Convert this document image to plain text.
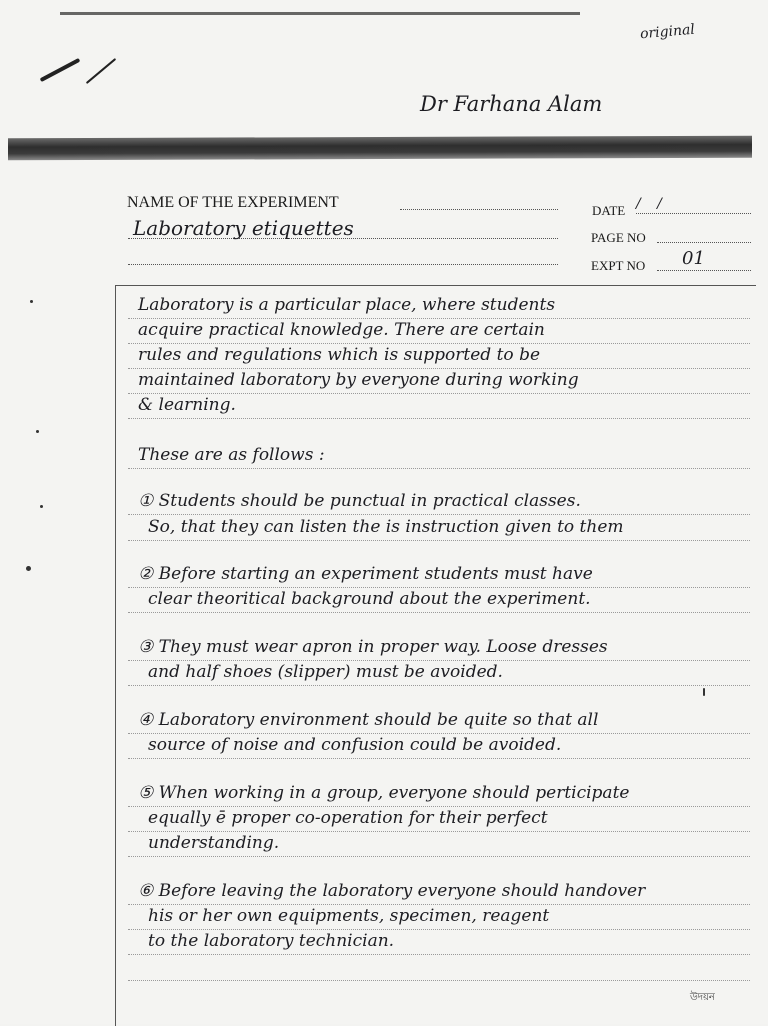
original
Dr Farhana Alam
NAME OF THE EXPERIMENT
Laboratory etiquettes
DATE / /
PAGE NO
EXPT NO 01
Laboratory is a particular place, where students
acquire practical knowledge. There are certain
rules and regulations which is supported to be
maintained laboratory by everyone during working
& learning.
These are as follows :
① Students should be punctual in practical classes.
So, that they can listen the is instruction given to them
② Before starting an experiment students must have
clear theoritical background about the experiment.
③ They must wear apron in proper way. Loose dresses
and half shoes (slipper) must be avoided.
④ Laboratory environment should be quite so that all
source of noise and confusion could be avoided.
⑤ When working in a group, everyone should perticipate
equally ē proper co-operation for their perfect
understanding.
⑥ Before leaving the laboratory everyone should handover
his or her own equipments, specimen, reagent
to the laboratory technician.
উদয়ন
